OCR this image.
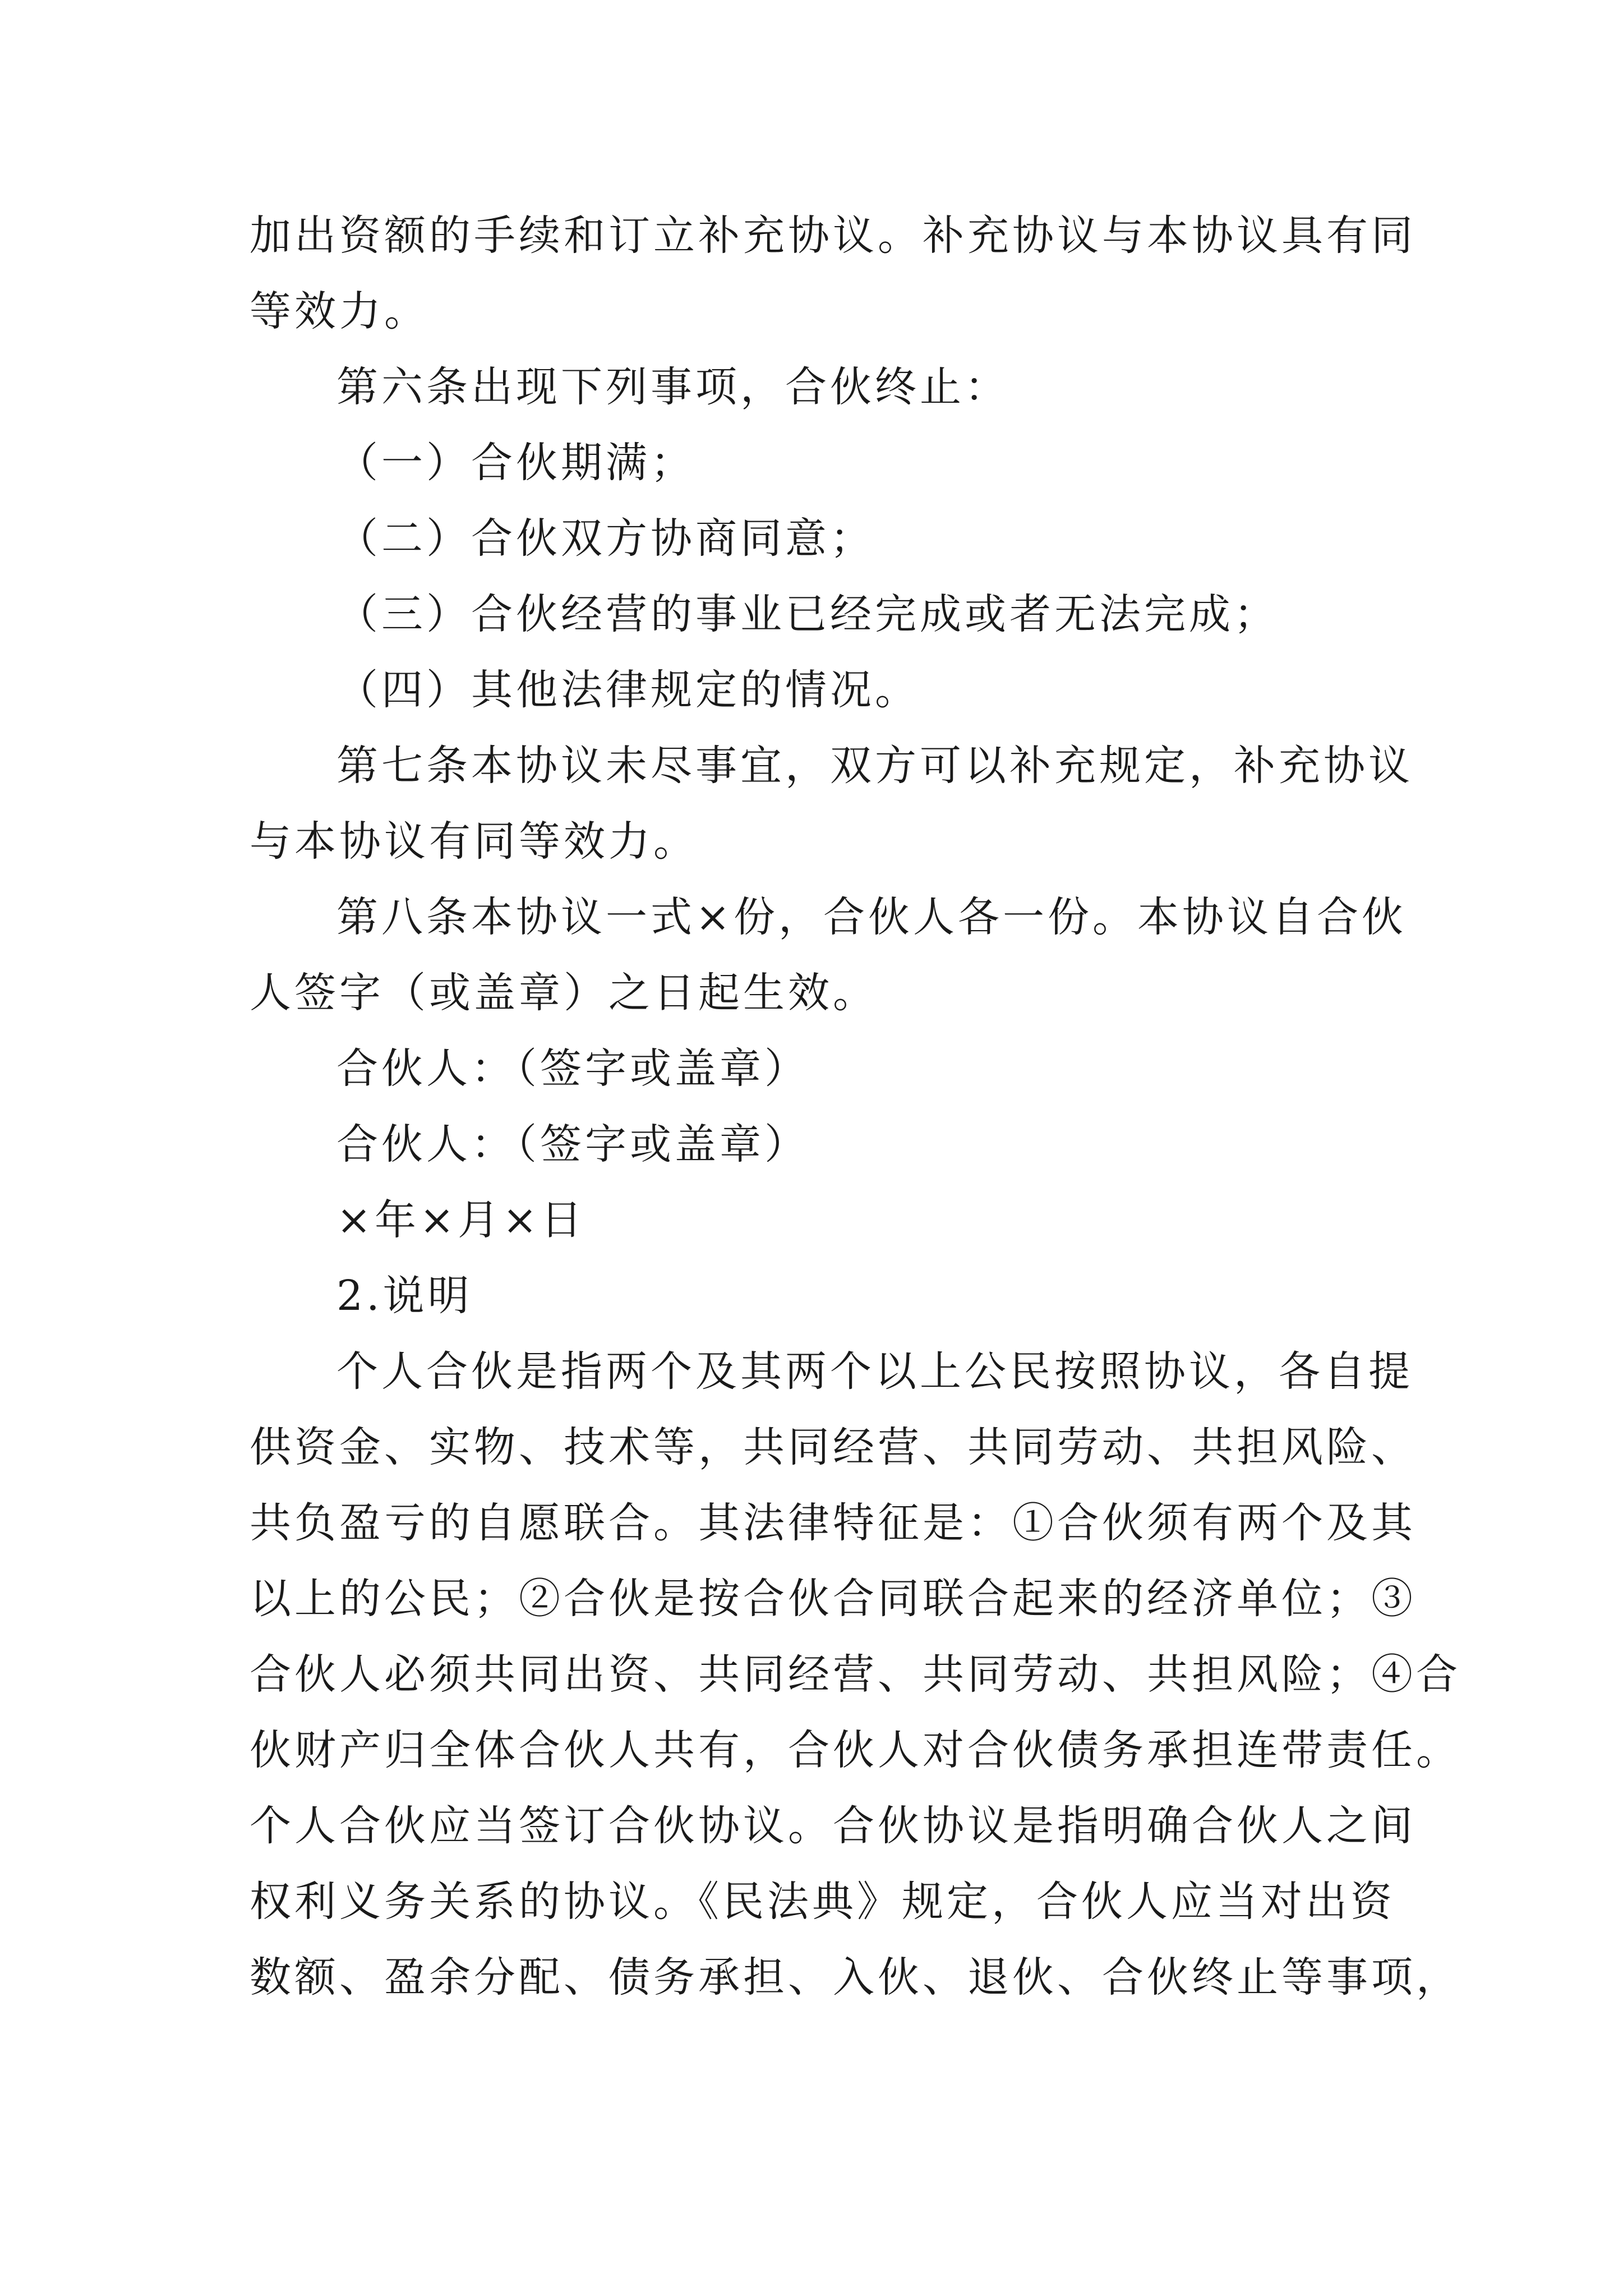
加出资额的手续和订立补充协议。补充协议与本协议具有同
等效力。
第六条出现下列事项，合伙终止：
（一）合伙期满；
（二）合伙双方协商同意；
（三）合伙经营的事业已经完成或者无法完成；
（四）其他法律规定的情况。
第七条本协议未尽事宜，双方可以补充规定，补充协议
与本协议有同等效力。
第八条本协议一式×份，合伙人各一份。本协议自合伙
人签字（或盖章）之日起生效。
合伙人：（签字或盖章）
合伙人：（签字或盖章）
×年×月×日
2.说明
个人合伙是指两个及其两个以上公民按照协议，各自提
供资金、实物、技术等，共同经营、共同劳动、共担风险、
共负盈亏的自愿联合。其法律特征是：①合伙须有两个及其
以上的公民；②合伙是按合伙合同联合起来的经济单位；③
合伙人必须共同出资、共同经营、共同劳动、共担风险；④合
伙财产归全体合伙人共有，合伙人对合伙债务承担连带责任。
个人合伙应当签订合伙协议。合伙协议是指明确合伙人之间
权利义务关系的协议。《民法典》规定，合伙人应当对出资
数额、盈余分配、债务承担、入伙、退伙、合伙终止等事项，
